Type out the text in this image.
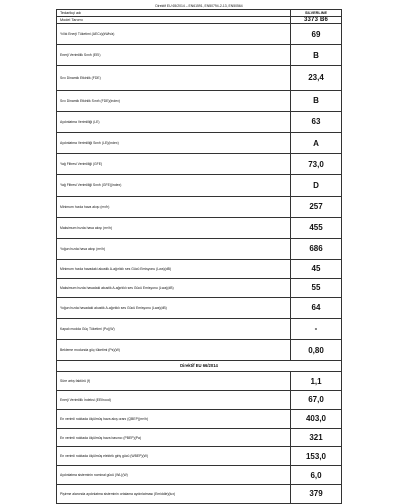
Direktif EU 65/2014 – EN61591, EN50794-2-13, EN50564
Tedarikçi adı	SILVERLINE
Model Tanımı	3373 B6
Yıllık Enerji Tüketimi (AECc)(kWh/a)	69
Enerji Verimlilik Sınıfı (EEI)	B
Sıvı Dinamik Etkinlik (FDE)	23,4
Sıvı Dinamik Etkinlik Sınıfı (FDE)(index)	B
Aydınlatma Verimliliği (LE)	63
Aydınlatma Verimliliği Sınıfı (LE)(index)	A
Yağ Filtresi Verimliliği (GFE)	73,0
Yağ Filtresi Verimliliği Sınıfı (GFE)(index)	D
Minimum hızda hava akışı (m³/h)	257
Maksimum hızda hava akışı (m³/h)	455
Yoğun hızda hava akışı (m³/h)	686
Minimum hızda havadaki akustik A-ağırlıklı ses Gücü Emisyonu (Lwa)(dB)	45
Maksimum hızda havadaki akustik A-ağırlıklı ses Gücü Emisyonu (Lwa)(dB)	55
Yoğun hızda havadaki akustik A-ağırlıklı ses Gücü Emisyonu (Lwa)(dB)	64
Kapalı modda Güç Tüketimi (Po)(W)	-
Bekleme modunda güç tüketimi (Ps)(W)	0,80
Direktif EU 66/2014	
Süre artış faktörü (f)	1,1
Enerji Verimlilik İndeksi (EEIhood)	67,0
En verimli noktada ölçülmüş hava akış oranı (QBEP)(m³/h)	403,0
En verimli noktada ölçülmüş hava basıncı (PBEP)(Pa)	321
En verimli noktada ölçülmüş elektrik giriş gücü (WBEP)(W)	153,0
Aydınlatma sisteminin nominal gücü (WL)(W)	6,0
Pişirme alanında aydınlatma sisteminin ortalama aydınlatması (Emiddle)(lux)	379
